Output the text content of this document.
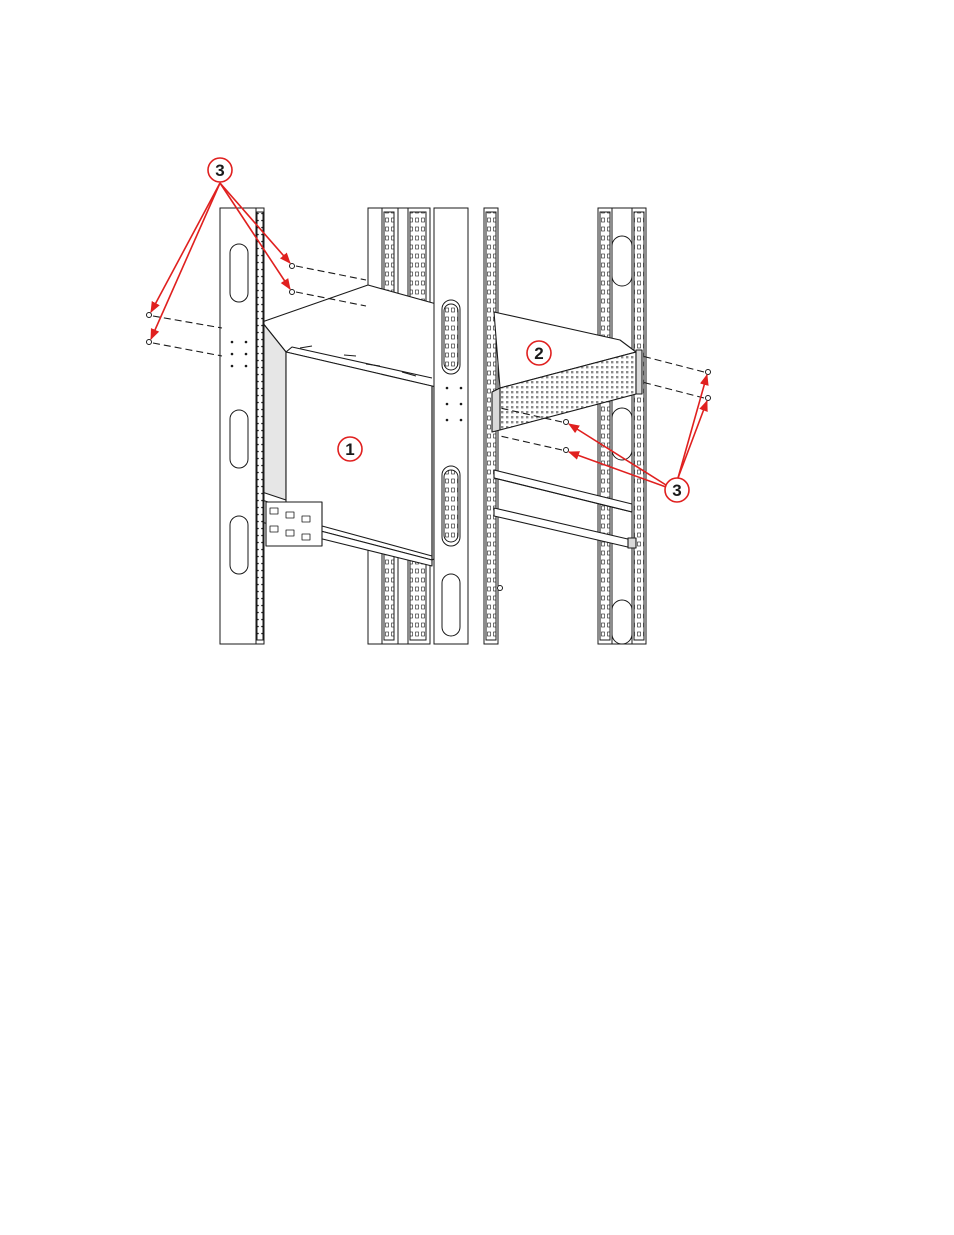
3
3
1
2
